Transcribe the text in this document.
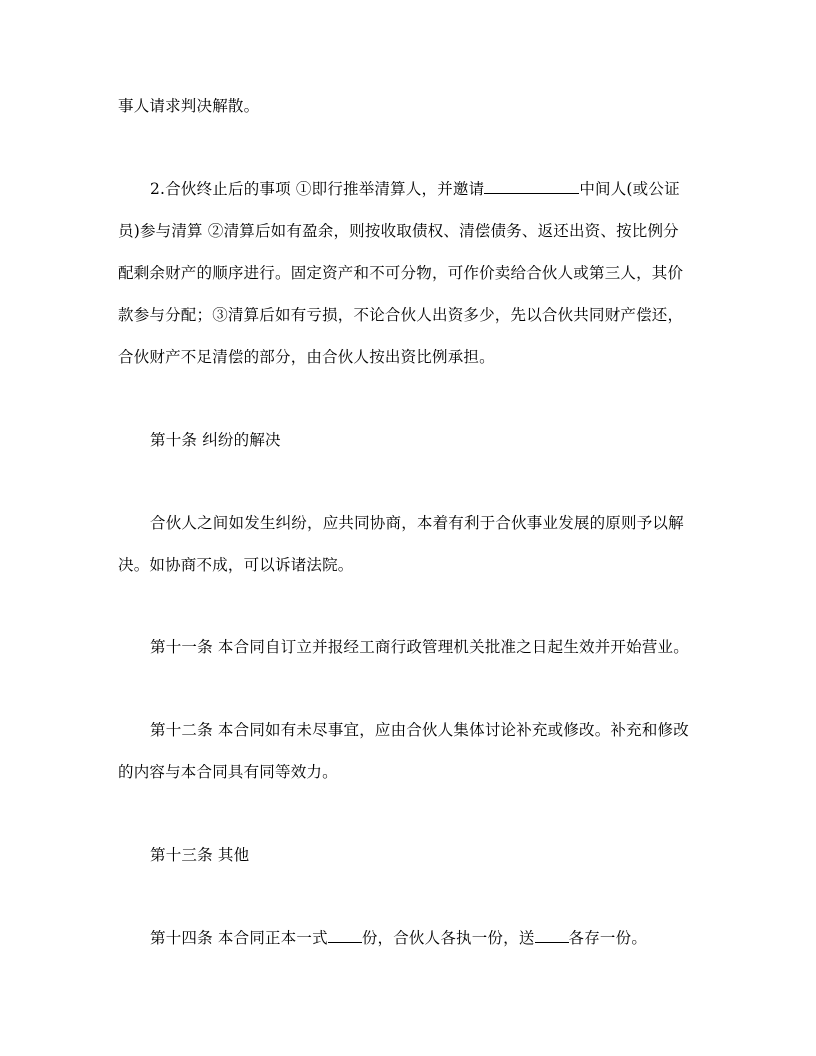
事人请求判决解散。
2.合伙终止后的事项 ①即行推举清算人，并邀请	中间人(或公证
员)参与清算 ②清算后如有盈余，则按收取债权、清偿债务、返还出资、按比例分
配剩余财产的顺序进行。固定资产和不可分物，可作价卖给合伙人或第三人，其价
款参与分配；③清算后如有亏损，不论合伙人出资多少，先以合伙共同财产偿还，
合伙财产不足清偿的部分，由合伙人按出资比例承担。
第十条 纠纷的解决
合伙人之间如发生纠纷，应共同协商，本着有利于合伙事业发展的原则予以解
决。如协商不成，可以诉诸法院。
第十一条 本合同自订立并报经工商行政管理机关批准之日起生效并开始营业。
第十二条 本合同如有未尽事宜，应由合伙人集体讨论补充或修改。补充和修改
的内容与本合同具有同等效力。
第十三条 其他
第十四条 本合同正本一式 份，合伙人各执一份，送 各存一份。
